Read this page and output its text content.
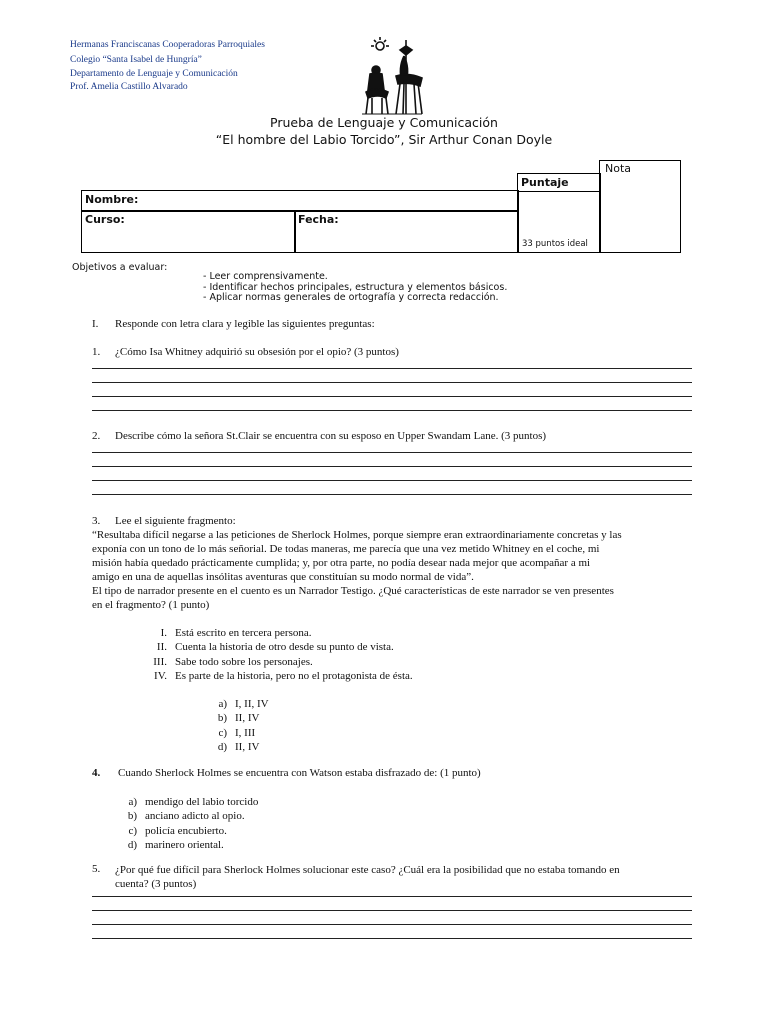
Hermanas Franciscanas Cooperadoras Parroquiales
Colegio “Santa Isabel de Hungría”
Departamento de Lenguaje y Comunicación
Prof. Amelia Castillo Alvarado
Prueba de Lenguaje y Comunicación
“El hombre del Labio Torcido”, Sir Arthur Conan Doyle
Nota
Puntaje
33 puntos ideal
Nombre:
Curso:	Fecha:
Objetivos a evaluar:
- Leer comprensivamente.
- Identificar hechos principales, estructura y elementos básicos.
- Aplicar normas generales de ortografía y correcta redacción.
I. Responde con letra clara y legible las siguientes preguntas:
1. ¿Cómo Isa Whitney adquirió su obsesión por el opio? (3 puntos)
2. Describe cómo la señora St.Clair se encuentra con su esposo en Upper Swandam Lane. (3 puntos)
3. Lee el siguiente fragmento:
“Resultaba difícil negarse a las peticiones de Sherlock Holmes, porque siempre eran extraordinariamente concretas y las
exponía con un tono de lo más señorial. De todas maneras, me parecía que una vez metido Whitney en el coche, mi
misión había quedado prácticamente cumplida; y, por otra parte, no podía desear nada mejor que acompañar a mi
amigo en una de aquellas insólitas aventuras que constituían su modo normal de vida”.
El tipo de narrador presente en el cuento es un Narrador Testigo. ¿Qué características de este narrador se ven presentes
en el fragmento? (1 punto)
I. Está escrito en tercera persona.
II. Cuenta la historia de otro desde su punto de vista.
III. Sabe todo sobre los personajes.
IV. Es parte de la historia, pero no el protagonista de ésta.
a) I, II, IV
b) II, IV
c) I, III
d) II, IV
4. Cuando Sherlock Holmes se encuentra con Watson estaba disfrazado de: (1 punto)
a) mendigo del labio torcido
b) anciano adicto al opio.
c) policía encubierto.
d) marinero oriental.
5. ¿Por qué fue difícil para Sherlock Holmes solucionar este caso? ¿Cuál era la posibilidad que no estaba tomando en
cuenta? (3 puntos)
